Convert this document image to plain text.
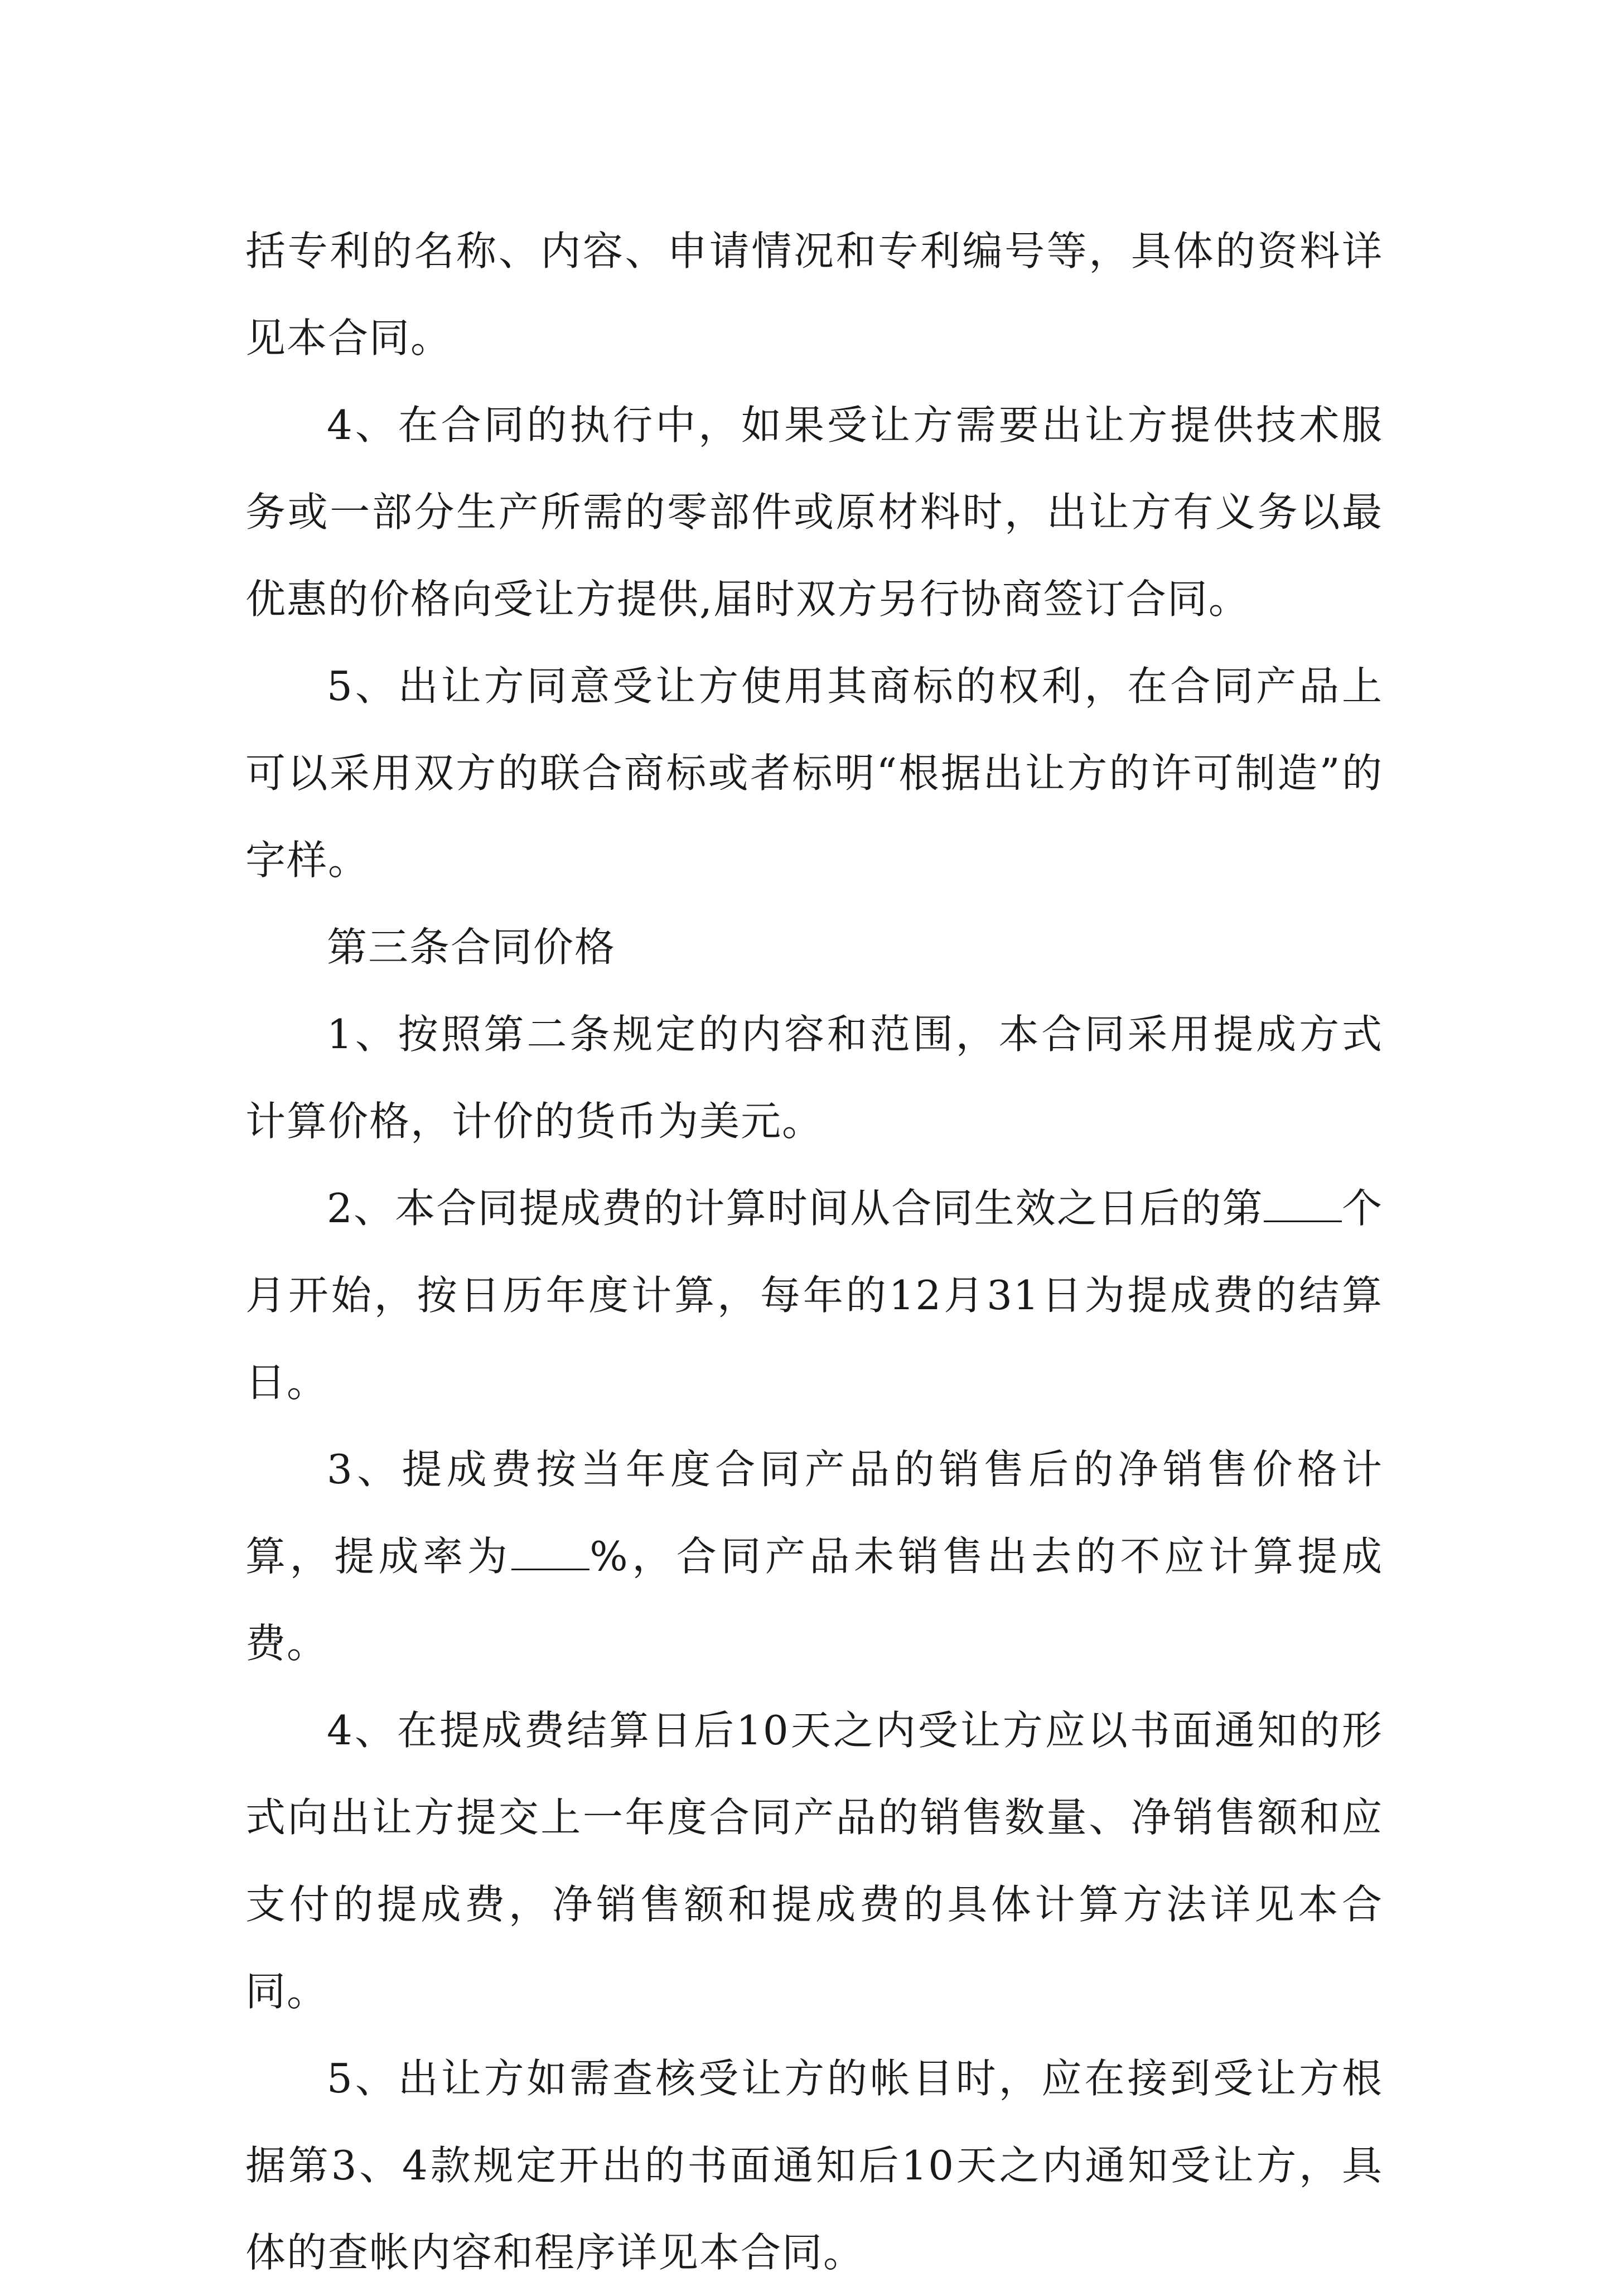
括专利的名称、内容、申请情况和专利编号等，具体的资料详见本合同。

4、在合同的执行中，如果受让方需要出让方提供技术服务或一部分生产所需的零部件或原材料时，出让方有义务以最优惠的价格向受让方提供,届时双方另行协商签订合同。

5、出让方同意受让方使用其商标的权利，在合同产品上可以采用双方的联合商标或者标明“根据出让方的许可制造”的字样。

第三条合同价格

1、按照第二条规定的内容和范围，本合同采用提成方式计算价格，计价的货币为美元。

2、本合同提成费的计算时间从合同生效之日后的第 个月开始，按日历年度计算，每年的12月31日为提成费的结算日。

3、提成费按当年度合同产品的销售后的净销售价格计算，提成率为 %，合同产品未销售出去的不应计算提成费。

4、在提成费结算日后10天之内受让方应以书面通知的形式向出让方提交上一年度合同产品的销售数量、净销售额和应支付的提成费，净销售额和提成费的具体计算方法详见本合同。

5、出让方如需查核受让方的帐目时，应在接到受让方根据第3、4款规定开出的书面通知后10天之内通知受让方，具体的查帐内容和程序详见本合同。
